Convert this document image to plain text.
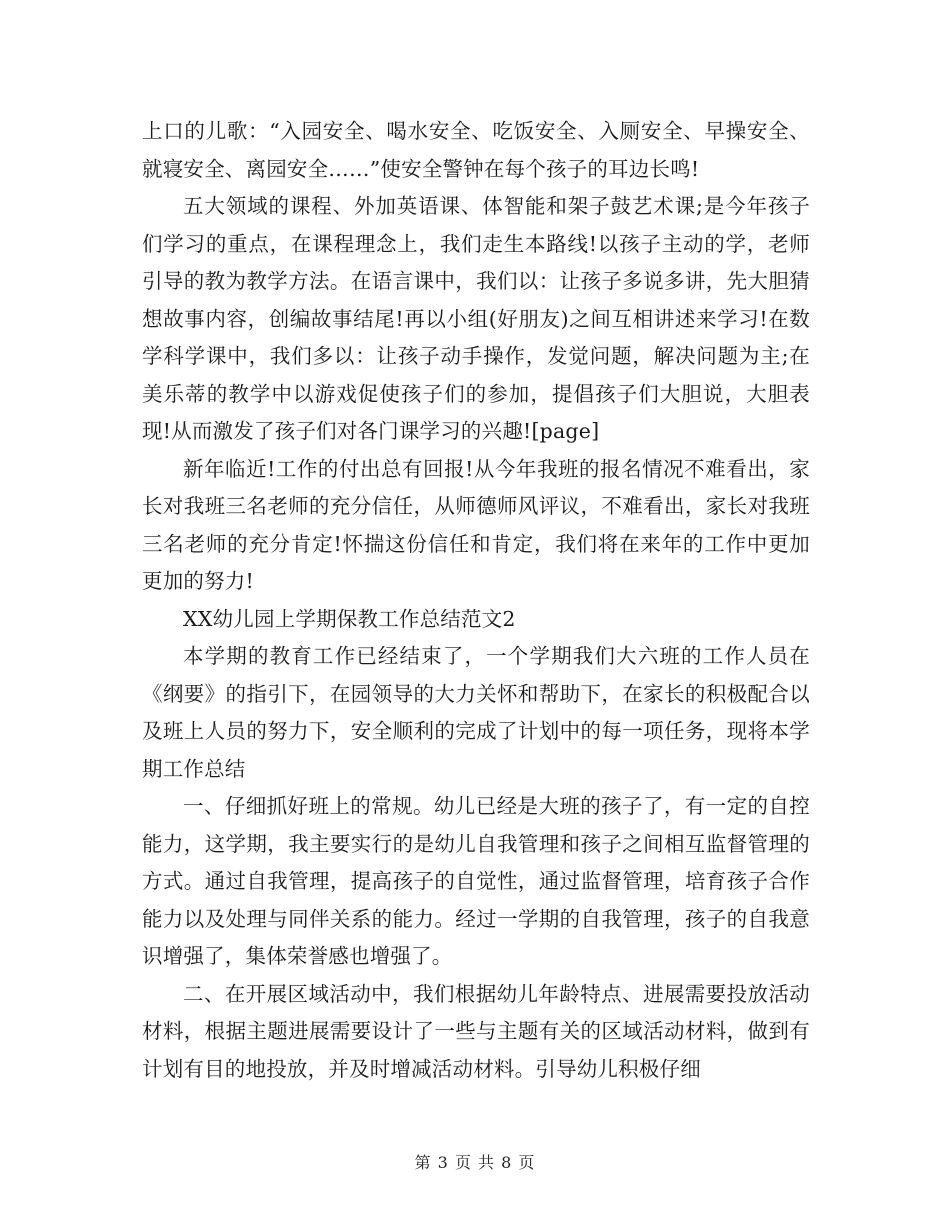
上口的儿歌：“入园安全、喝水安全、吃饭安全、入厕安全、早操安全、就寝安全、离园安全……”使安全警钟在每个孩子的耳边长鸣!

五大领域的课程、外加英语课、体智能和架子鼓艺术课;是今年孩子们学习的重点，在课程理念上，我们走生本路线!以孩子主动的学，老师引导的教为教学方法。在语言课中，我们以：让孩子多说多讲，先大胆猜想故事内容，创编故事结尾!再以小组(好朋友)之间互相讲述来学习!在数学科学课中，我们多以：让孩子动手操作，发觉问题，解决问题为主;在美乐蒂的教学中以游戏促使孩子们的参加，提倡孩子们大胆说，大胆表现!从而激发了孩子们对各门课学习的兴趣![page]

新年临近!工作的付出总有回报!从今年我班的报名情况不难看出，家长对我班三名老师的充分信任，从师德师风评议，不难看出，家长对我班三名老师的充分肯定!怀揣这份信任和肯定，我们将在来年的工作中更加更加的努力!

XX幼儿园上学期保教工作总结范文2

本学期的教育工作已经结束了，一个学期我们大六班的工作人员在《纲要》的指引下，在园领导的大力关怀和帮助下，在家长的积极配合以及班上人员的努力下，安全顺利的完成了计划中的每一项任务，现将本学期工作总结

一、仔细抓好班上的常规。幼儿已经是大班的孩子了，有一定的自控能力，这学期，我主要实行的是幼儿自我管理和孩子之间相互监督管理的方式。通过自我管理，提高孩子的自觉性，通过监督管理，培育孩子合作能力以及处理与同伴关系的能力。经过一学期的自我管理，孩子的自我意识增强了，集体荣誉感也增强了。

二、在开展区域活动中，我们根据幼儿年龄特点、进展需要投放活动材料，根据主题进展需要设计了一些与主题有关的区域活动材料，做到有计划有目的地投放，并及时增减活动材料。引导幼儿积极仔细

第 3 页 共 8 页
